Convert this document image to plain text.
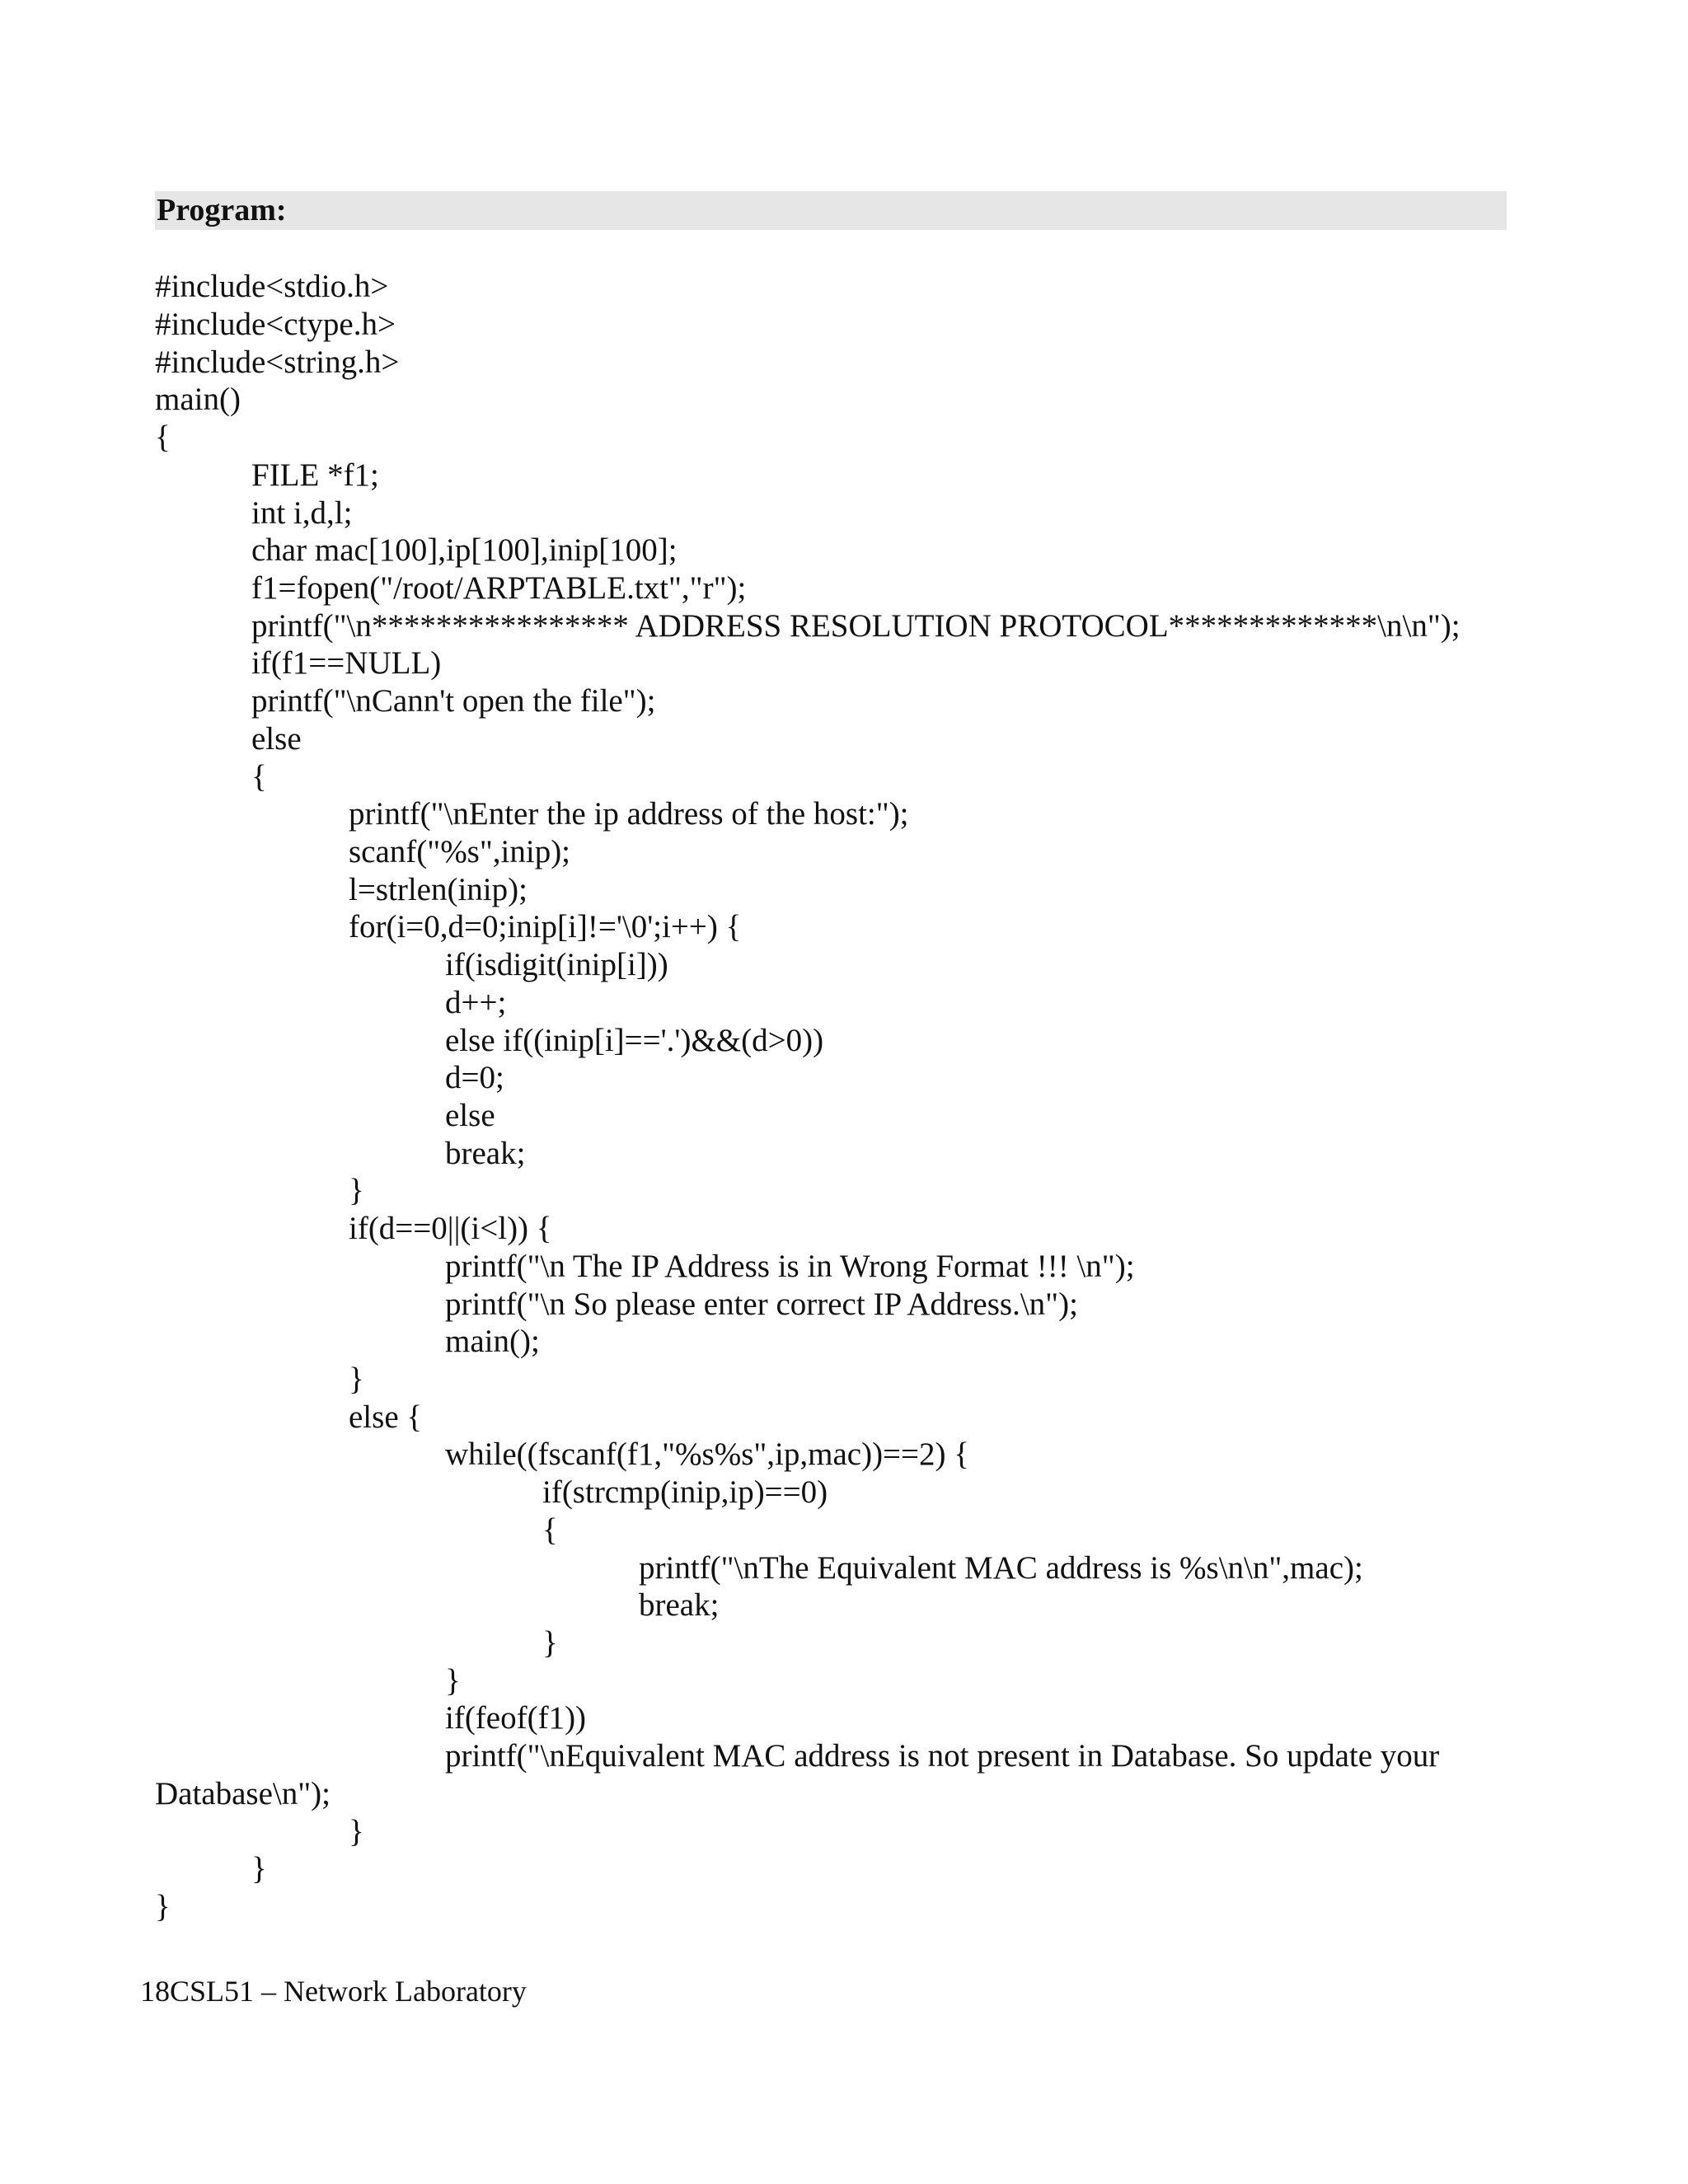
Program:
#include<stdio.h>
#include<ctype.h>
#include<string.h>
main()
{
FILE *f1;
int i,d,l;
char mac[100],ip[100],inip[100];
f1=fopen("/root/ARPTABLE.txt","r");
printf("\n**************** ADDRESS RESOLUTION PROTOCOL*************\n\n");
if(f1==NULL)
printf("\nCann't open the file");
else
{
printf("\nEnter the ip address of the host:");
scanf("%s",inip);
l=strlen(inip);
for(i=0,d=0;inip[i]!='\0';i++) {
if(isdigit(inip[i]))
d++;
else if((inip[i]=='.')&&(d>0))
d=0;
else
break;
}
if(d==0||(i<l)) {
printf("\n The IP Address is in Wrong Format !!! \n");
printf("\n So please enter correct IP Address.\n");
main();
}
else {
while((fscanf(f1,"%s%s",ip,mac))==2) {
if(strcmp(inip,ip)==0)
{
printf("\nThe Equivalent MAC address is %s\n\n",mac);
break;
}
}
if(feof(f1))
printf("\nEquivalent MAC address is not present in Database. So update your
Database\n");
}
}
}
18CSL51 – Network Laboratory
